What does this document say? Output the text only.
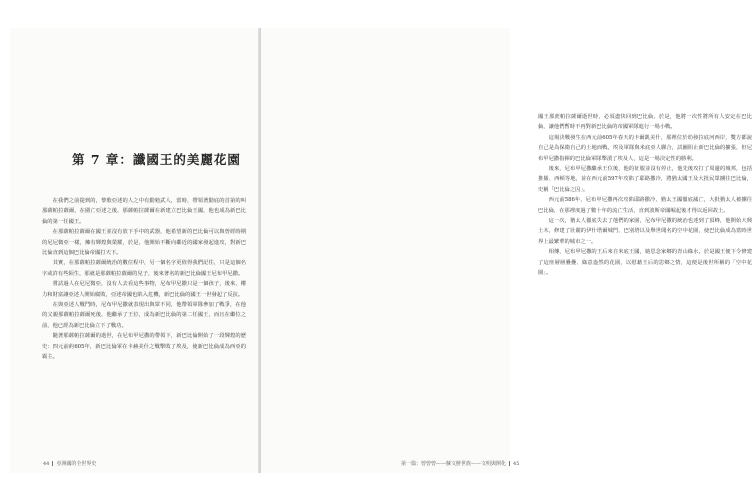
第 7 章：讖國王的美麗花園

在我們之前提到的，黎歌亞述的人之中有勤勉武人，當時，帶領著勤底的首第的叫那薩帕拉薩爾，在圍亡亞述之後，那薩帕拉薩爾在新建立巴比倫王國，他也成為新巴比倫的第一任國王。

在那薩帕拉薩爾在國王並沒有放下手中的武器，他希望新的巴比倫可以與曾經時期的尼尼微亞一樣，擁有輝煌與榮耀，於是，他開始不斷向鄰近的國家發起進攻，對新巴比倫直到這個巴比倫帝國打天下。

其實，在那薩帕拉薩爾統治的數位程中，另一個名字更值得我們記住，只是這個名字或許有些陌生，那就是那薩帕拉薩爾的兒子，後來著名的新巴比倫國王尼布甲尼撒。

嘗試過人在尼尼微亞，沒有人去看這些事物，尼布甲尼撒只是一個孩子，後來，權力和財富讓亞述人開始腐敗，亞述帝國也陷入危機，新巴比倫的國王一世發起了反抗。

在與亞述人戰鬥時，尼布甲尼撒就表現出與眾不同，他帶領軍隊參加了戰爭，在他的父親那薩帕拉薩爾死後，他繼承了王位，成為新巴比倫的第二任國王，而且在繼位之前，他已經為新巴比倫立下了戰功。

隨著那薩帕拉薩爾的逝世，在尼布甲尼撒的帶領下，新巴比倫開始了一段輝煌的歷史：四元前約605年，新巴比倫軍在卡赫美什之戰擊敗了埃及，使新巴比倫成為西亞的霸主。

44 亞洲國的全世界史

國王那蔗帕拉薩爾逝世時，必須盡快回到巴比倫，於是，他將一次性將所有人安定在巴比倫，讓他們暫時不再對新巴比倫的帝國軍隊進行一場小戰。

這場決戰發生在西元前605年春天的卡爾凱美什，那裡位於幼發拉底河西岸，雙方都說自己是為保衛自己的土地而戰，埃及軍隊與米底亞人聯合，試圖阻止新巴比倫的擴張，但尼布甲尼撒指揮的巴比倫軍隊擊潰了埃及人，這是一場決定性的勝利。

後來，尼布甲尼撒繼承王位後，他的征服並沒有停止，他先後攻打了周邊的城邦，包括推羅、西頓等地，並在西元前597年攻陷了耶路撒冷，將猶太國王及大批民眾擄往巴比倫，史稱「巴比倫之囚」。

西元前586年，尼布甲尼撒再次攻陷耶路撒冷，猶太王國徹底滅亡，大批猶太人被擄往巴比倫，在那裡度過了數十年的流亡生活，直到波斯帝國崛起後才得以返回故土。

這一次，猶太人徹底失去了他們的家園，尼布甲尼撒的統治也達到了頂峰，他開始大興土木，修建了壯麗的伊什塔爾城門、巴別塔以及舉世聞名的空中花園，使巴比倫成為當時世界上最繁華的城市之一。

相傳，尼布甲尼撒的王后來自米底王國，她思念家鄉的青山綠水，於是國王便下令修建了這座層層疊疊、綠意盎然的花園，以慰藉王后的思鄉之情，這便是後世所稱的「空中花園」。

第一篇：曾曾曾——蘇文鮮世族——文明與開化 45
